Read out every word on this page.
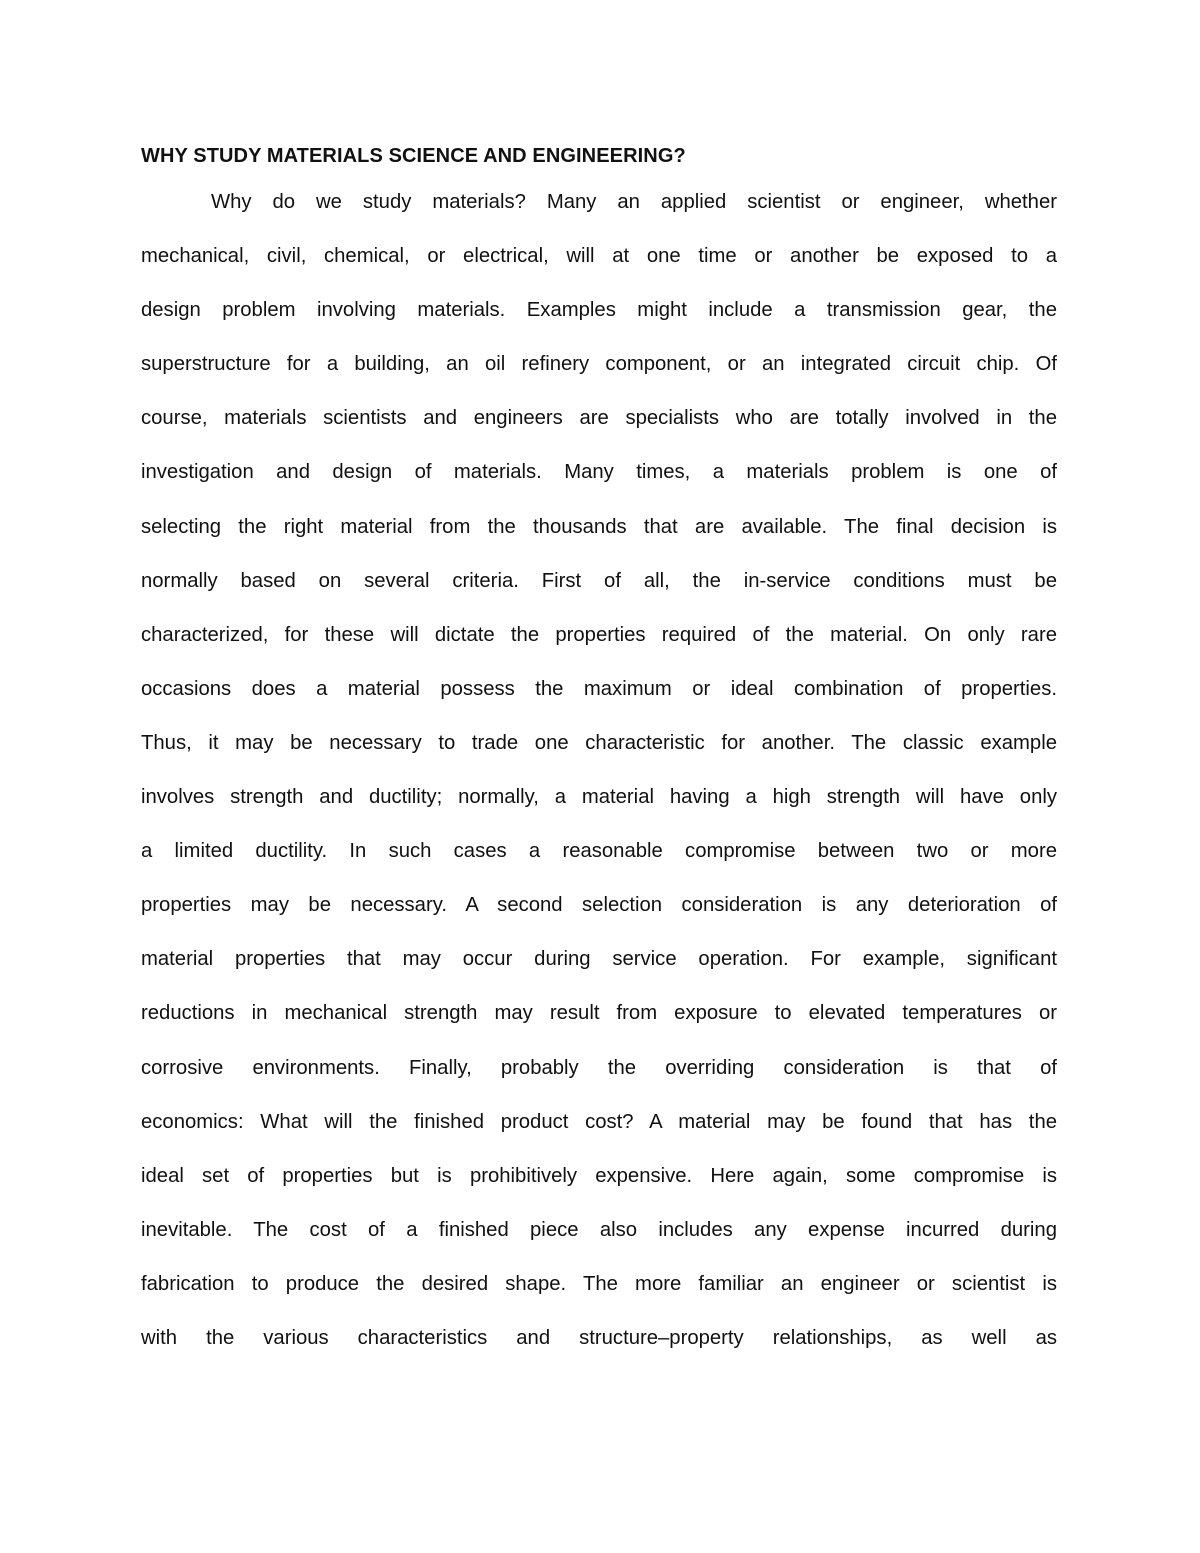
WHY STUDY MATERIALS SCIENCE AND ENGINEERING?
Why do we study materials? Many an applied scientist or engineer, whether
mechanical, civil, chemical, or electrical, will at one time or another be exposed to a
design problem involving materials. Examples might include a transmission gear, the
superstructure for a building, an oil refinery component, or an integrated circuit chip. Of
course, materials scientists and engineers are specialists who are totally involved in the
investigation and design of materials. Many times, a materials problem is one of
selecting the right material from the thousands that are available. The final decision is
normally based on several criteria. First of all, the in-service conditions must be
characterized, for these will dictate the properties required of the material. On only rare
occasions does a material possess the maximum or ideal combination of properties.
Thus, it may be necessary to trade one characteristic for another. The classic example
involves strength and ductility; normally, a material having a high strength will have only
a limited ductility. In such cases a reasonable compromise between two or more
properties may be necessary. A second selection consideration is any deterioration of
material properties that may occur during service operation. For example, significant
reductions in mechanical strength may result from exposure to elevated temperatures or
corrosive environments. Finally, probably the overriding consideration is that of
economics: What will the finished product cost? A material may be found that has the
ideal set of properties but is prohibitively expensive. Here again, some compromise is
inevitable. The cost of a finished piece also includes any expense incurred during
fabrication to produce the desired shape. The more familiar an engineer or scientist is
with the various characteristics and structure–property relationships, as well as
